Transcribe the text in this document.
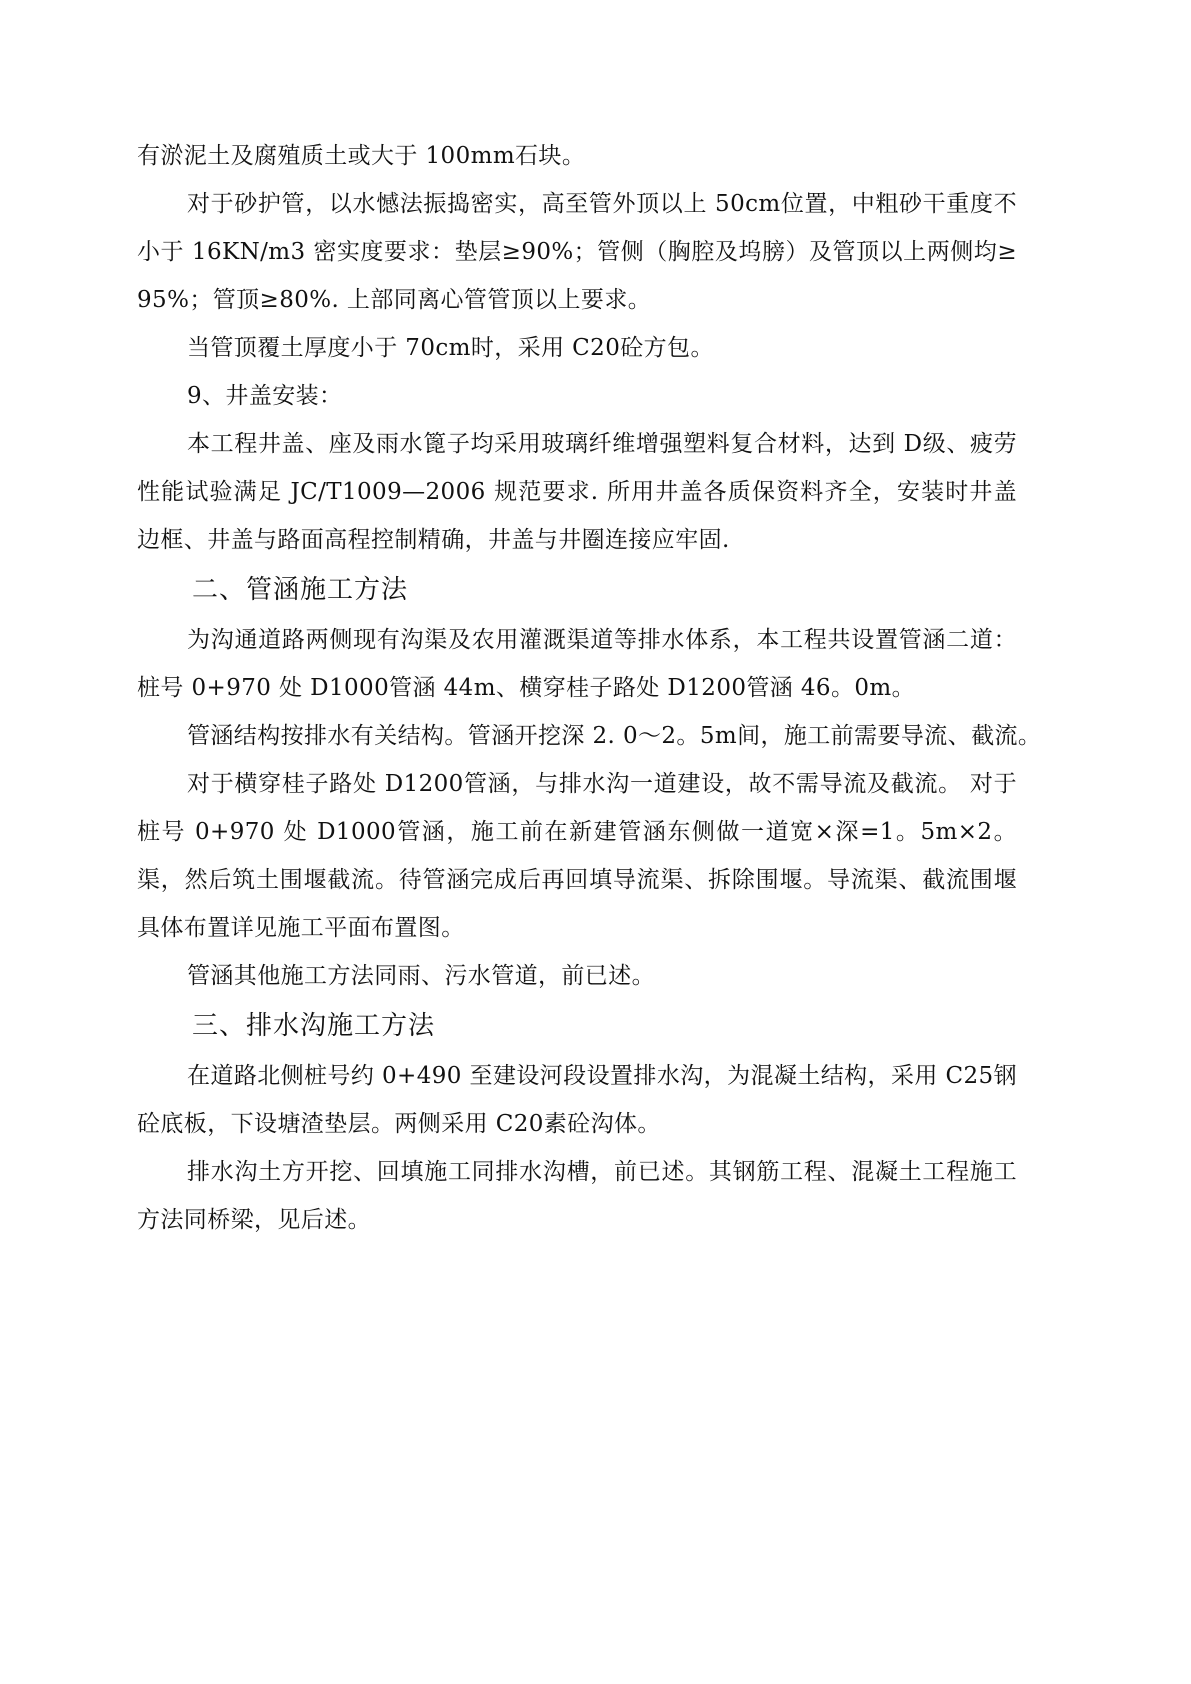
有淤泥土及腐殖质土或大于 100mm石块。
对于砂护管，以水憾法振捣密实，高至管外顶以上 50cm位置，中粗砂干重度不
小于 16KN/m3 密实度要求：垫层≥90%；管侧（胸腔及坞膀）及管顶以上两侧均≥
95%；管顶≥80%. 上部同离心管管顶以上要求。
当管顶覆土厚度小于 70cm时，采用 C20砼方包。
9、井盖安装：
本工程井盖、座及雨水篦子均采用玻璃纤维增强塑料复合材料，达到 D级、疲劳
性能试验满足 JC/T1009—2006 规范要求. 所用井盖各质保资料齐全，安装时井盖
边框、井盖与路面高程控制精确，井盖与井圈连接应牢固.
二、管涵施工方法
为沟通道路两侧现有沟渠及农用灌溉渠道等排水体系，本工程共设置管涵二道：
桩号 0+970 处 D1000管涵 44m、横穿桂子路处 D1200管涵 46。0m。
管涵结构按排水有关结构。管涵开挖深 2. 0～2。5m间，施工前需要导流、截流。
对于横穿桂子路处 D1200管涵，与排水沟一道建设，故不需导流及截流。 对于
桩号 0+970 处 D1000管涵，施工前在新建管涵东侧做一道宽×深=1。5m×2。
渠，然后筑土围堰截流。待管涵完成后再回填导流渠、拆除围堰。导流渠、截流围堰
具体布置详见施工平面布置图。
管涵其他施工方法同雨、污水管道，前已述。
三、排水沟施工方法
在道路北侧桩号约 0+490 至建设河段设置排水沟，为混凝土结构，采用 C25钢
砼底板，下设塘渣垫层。两侧采用 C20素砼沟体。
排水沟土方开挖、回填施工同排水沟槽，前已述。其钢筋工程、混凝土工程施工
方法同桥梁，见后述。
